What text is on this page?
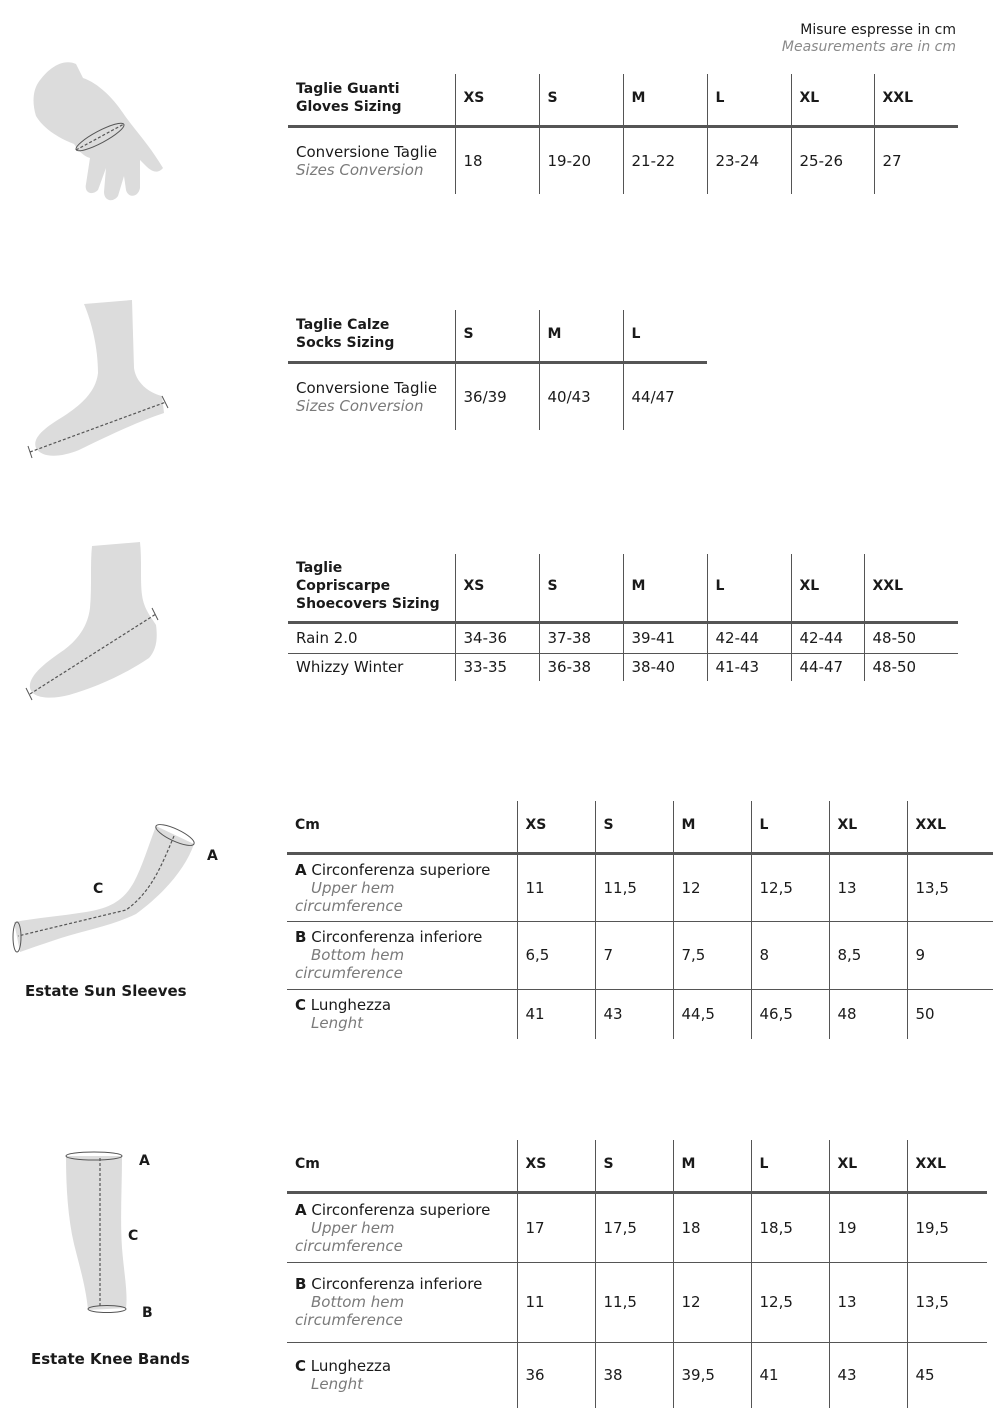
Misure espresse in cm
Measurements are in cm
Taglie Guanti
Gloves Sizing	XS	S	M	L	XL	XXL
Conversione Taglie
Sizes Conversion	18	19-20	21-22	23-24	25-26	27
Taglie Calze
Socks Sizing	S	M	L
Conversione Taglie
Sizes Conversion	36/39	40/43	44/47
Taglie
Copriscarpe
Shoecovers Sizing	XS	S	M	L	XL	XXL
Rain 2.0	34-36	37-38	39-41	42-44	42-44	48-50
Whizzy Winter	33-35	36-38	38-40	41-43	44-47	48-50
A
C
Estate Sun Sleeves
Cm	XS	S	M	L	XL	XXL
A Circonferenza superiore
Upper hem
circumference	11	11,5	12	12,5	13	13,5
B Circonferenza inferiore
Bottom hem
circumference	6,5	7	7,5	8	8,5	9
C Lunghezza
Lenght	41	43	44,5	46,5	48	50
A
C
B
Estate Knee Bands
Cm	XS	S	M	L	XL	XXL
A Circonferenza superiore
Upper hem
circumference	17	17,5	18	18,5	19	19,5
B Circonferenza inferiore
Bottom hem
circumference	11	11,5	12	12,5	13	13,5
C Lunghezza
Lenght	36	38	39,5	41	43	45
